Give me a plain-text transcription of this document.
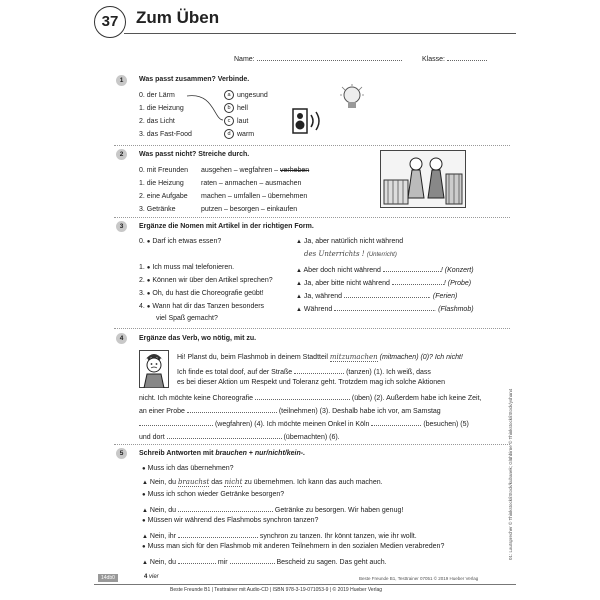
37	Zum Üben
Name:	Klasse:
1	Was passt zusammen? Verbinde.
0. der Lärm
1. die Heizung
2. das Licht
3. das Fast-Food
a ungesund
b hell
c laut
d warm
2	Was passt nicht? Streiche durch.
0. mit Freunden ausgehen – wegfahren – verheben
1. die Heizung raten – anmachen – ausmachen
2. eine Aufgabe machen – umfallen – übernehmen
3. Getränke	putzen – besorgen – einkaufen
3	Ergänze die Nomen mit Artikel in der richtigen Form.
0. ● Darf ich etwas essen?	▲ Ja, aber natürlich nicht während
des Unterrichts ! (Unterricht)
1. ● Ich muss mal telefonieren.	▲ Aber doch nicht während	! (Konzert)
2. ● Können wir über den Artikel sprechen?	▲ Ja, aber bitte nicht während	! (Probe)
3. ● Oh, du hast die Choreografie geübt!	▲ Ja, während	. (Ferien)
4. ● Wann hat dir das Tanzen besonders
viel Spaß gemacht?
▲ Während	. (Flashmob)
4	Ergänze das Verb, wo nötig, mit zu.
Hi! Planst du, beim Flashmob in deinem Stadtteil mitzumachen (mitmachen) (0)? Ich nicht!
Ich finde es total doof, auf der Straße	(tanzen) (1). Ich weiß, dass
es bei dieser Aktion um Respekt und Toleranz geht. Trotzdem mag ich solche Aktionen
nicht. Ich möchte keine Choreografie	(üben) (2). Außerdem habe ich keine Zeit,
an einer Probe	(teilnehmen) (3). Deshalb habe ich vor, am Samstag
(wegfahren) (4). Ich möchte meinen Onkel in Köln	(besuchen) (5)
und dort	(übernachten) (6).
5	Schreib Antworten mit brauchen + nur/nicht/kein-.
● Muss ich das übernehmen?
▲ Nein, du brauchst das nicht zu übernehmen. Ich kann das auch machen.
● Muss ich schon wieder Getränke besorgen?
▲ Nein, du	Getränke zu besorgen. Wir haben genug!
● Müssen wir während des Flashmobs synchron tanzen?
▲ Nein, ihr	synchron zu tanzen. Ihr könnt tanzen, wie ihr wollt.
● Muss man sich für den Flashmob mit anderen Teilnehmern in den sozialen Medien verabreden?
▲ Nein, du	mir	Bescheid zu sagen. Das geht auch.
01: Lautsprecher © Thinkstock/iStock/kubanek; Glühbirne © Thinkstock/iStock/yshan4
14db0	4 vier	Beste Freunde B1, Testtrainer 07051 © 2019 Hueber Verlag
Beste Freunde B1 | Testtrainer mit Audio-CD | ISBN 978-3-19-071053-9 | © 2019 Hueber Verlag
